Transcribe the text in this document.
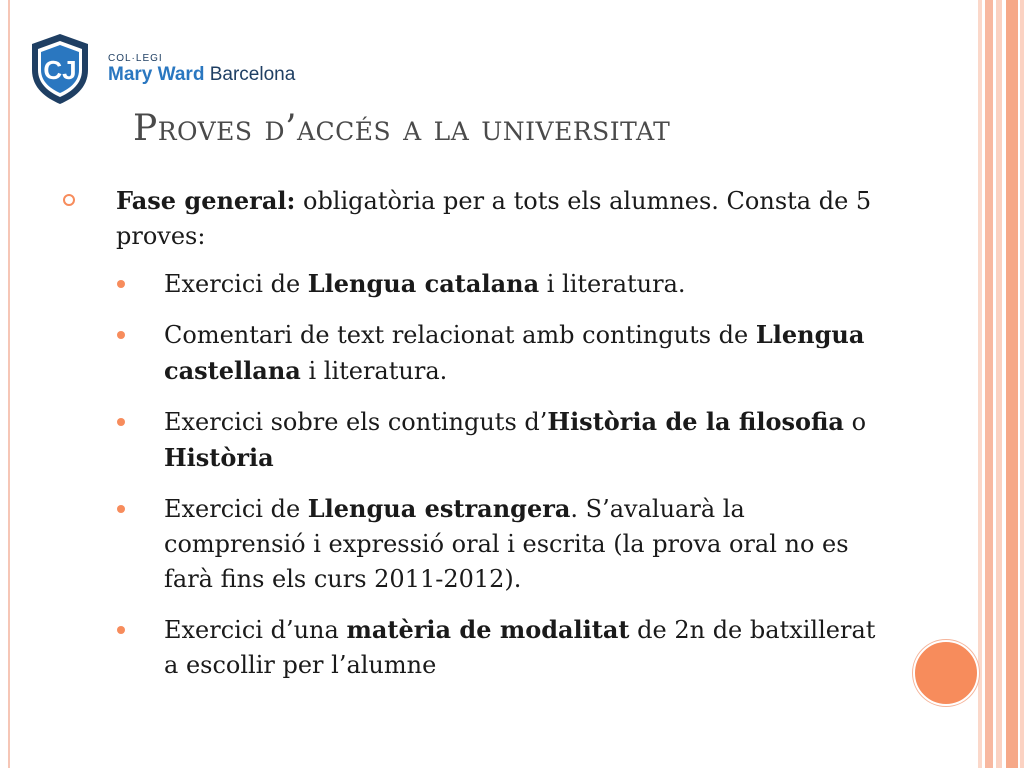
CJ	COL·LEGI
Mary Ward Barcelona
Proves d’accés a la universitat
Fase general: obligatòria per a tots els alumnes. Consta de 5 proves:
Exercici de Llengua catalana i literatura.
Comentari de text relacionat amb continguts de Llengua castellana i literatura.
Exercici sobre els continguts d’Història de la filosofia o Història
Exercici de Llengua estrangera. S’avaluarà la comprensió i expressió oral i escrita (la prova oral no es farà fins els curs 2011-2012).
Exercici d’una matèria de modalitat de 2n de batxillerat a escollir per l’alumne
